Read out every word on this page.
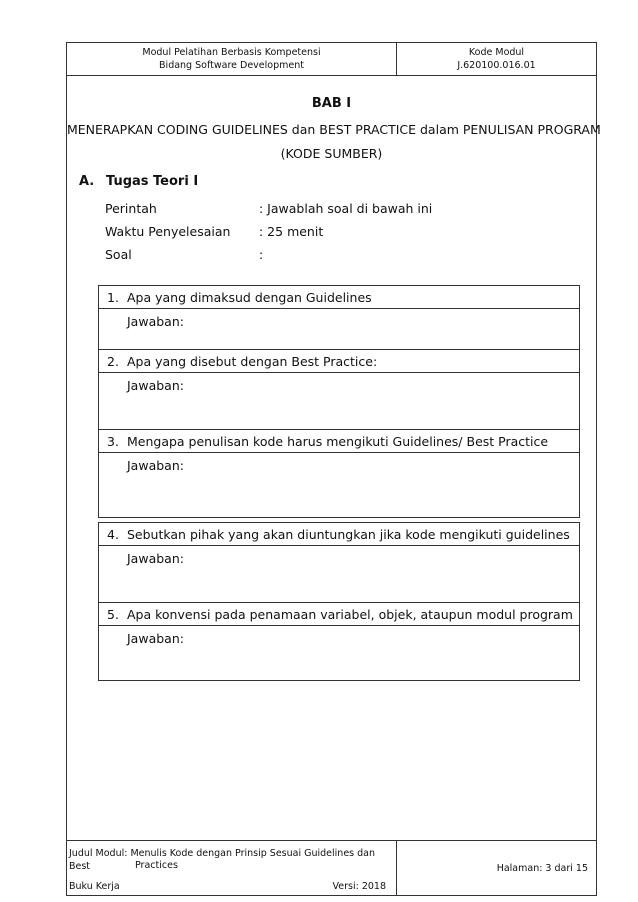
Modul Pelatihan Berbasis Kompetensi
Bidang Software Development
Kode Modul
J.620100.016.01
BAB I
MENERAPKAN CODING GUIDELINES dan BEST PRACTICE dalam PENULISAN PROGRAM
(KODE SUMBER)
A. Tugas Teori I
Perintah	: Jawablah soal di bawah ini
Waktu Penyelesaian : 25 menit
Soal	:
1. Apa yang dimaksud dengan Guidelines
Jawaban:
2. Apa yang disebut dengan Best Practice:
Jawaban:
3. Mengapa penulisan kode harus mengikuti Guidelines/ Best Practice
Jawaban:
4. Sebutkan pihak yang akan diuntungkan jika kode mengikuti guidelines
Jawaban:
5. Apa konvensi pada penamaan variabel, objek, ataupun modul program
Jawaban:
Judul Modul: Menulis Kode dengan Prinsip Sesuai Guidelines dan Best	Practices
Buku Kerja	Versi: 2018
Halaman: 3 dari 15
